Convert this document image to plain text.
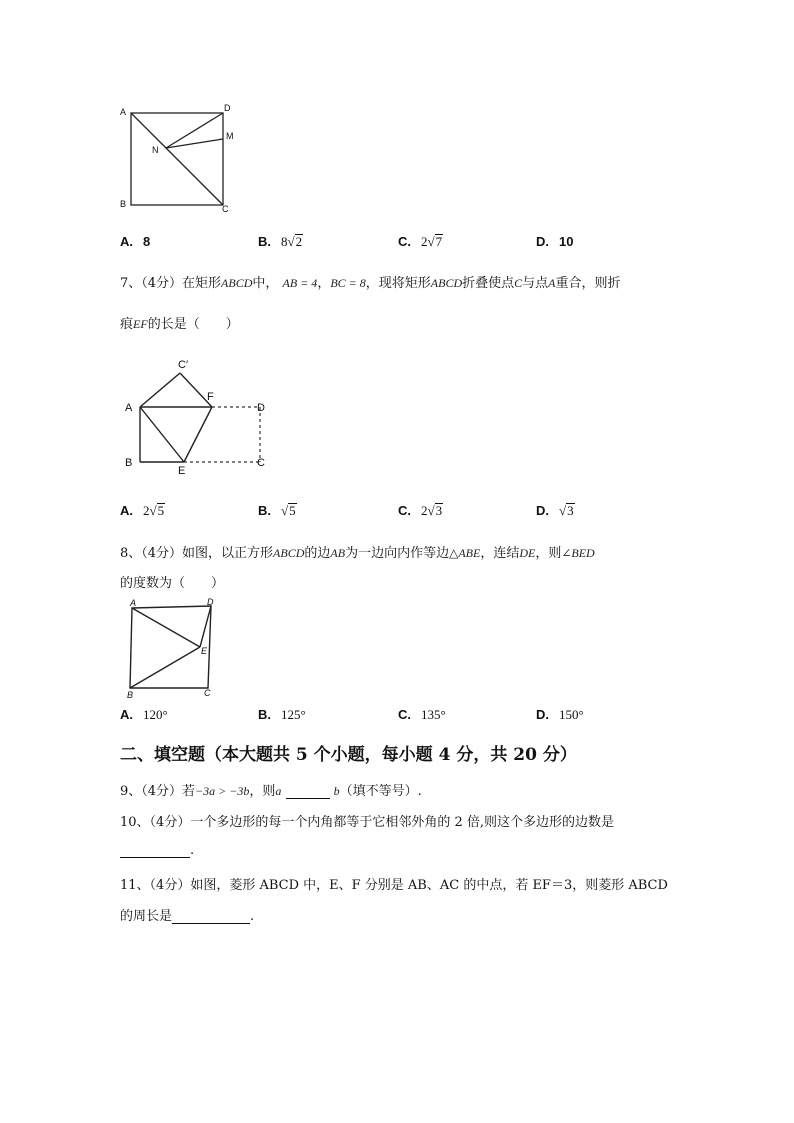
A
B	C
D
M
N
A. 8	B. 8√2	C. 2√7	D. 10
7、（4分）在矩形ABCD中， AB = 4，BC = 8，现将矩形ABCD折叠使点C与点A重合，则折
痕EF的长是（　　）
A
B	C
D
E
F
C′
A. 2√5	B. √5	C. 2√3	D. √3
8、（4分）如图，以正方形ABCD的边AB为一边向内作等边△ABE，连结DE，则∠BED
的度数为（　　）
A
B	C
D
E
A. 120°	B. 125°	C. 135°	D. 150°
二、填空题（本大题共 5 个小题，每小题 4 分，共 20 分）
9、（4分）若−3a > −3b，则a	b（填不等号）.
10、（4分）一个多边形的每一个内角都等于它相邻外角的 2 倍,则这个多边形的边数是
.
11、（4分）如图，菱形 ABCD 中，E、F 分别是 AB、AC 的中点，若 EF＝3，则菱形 ABCD
的周长是	.
